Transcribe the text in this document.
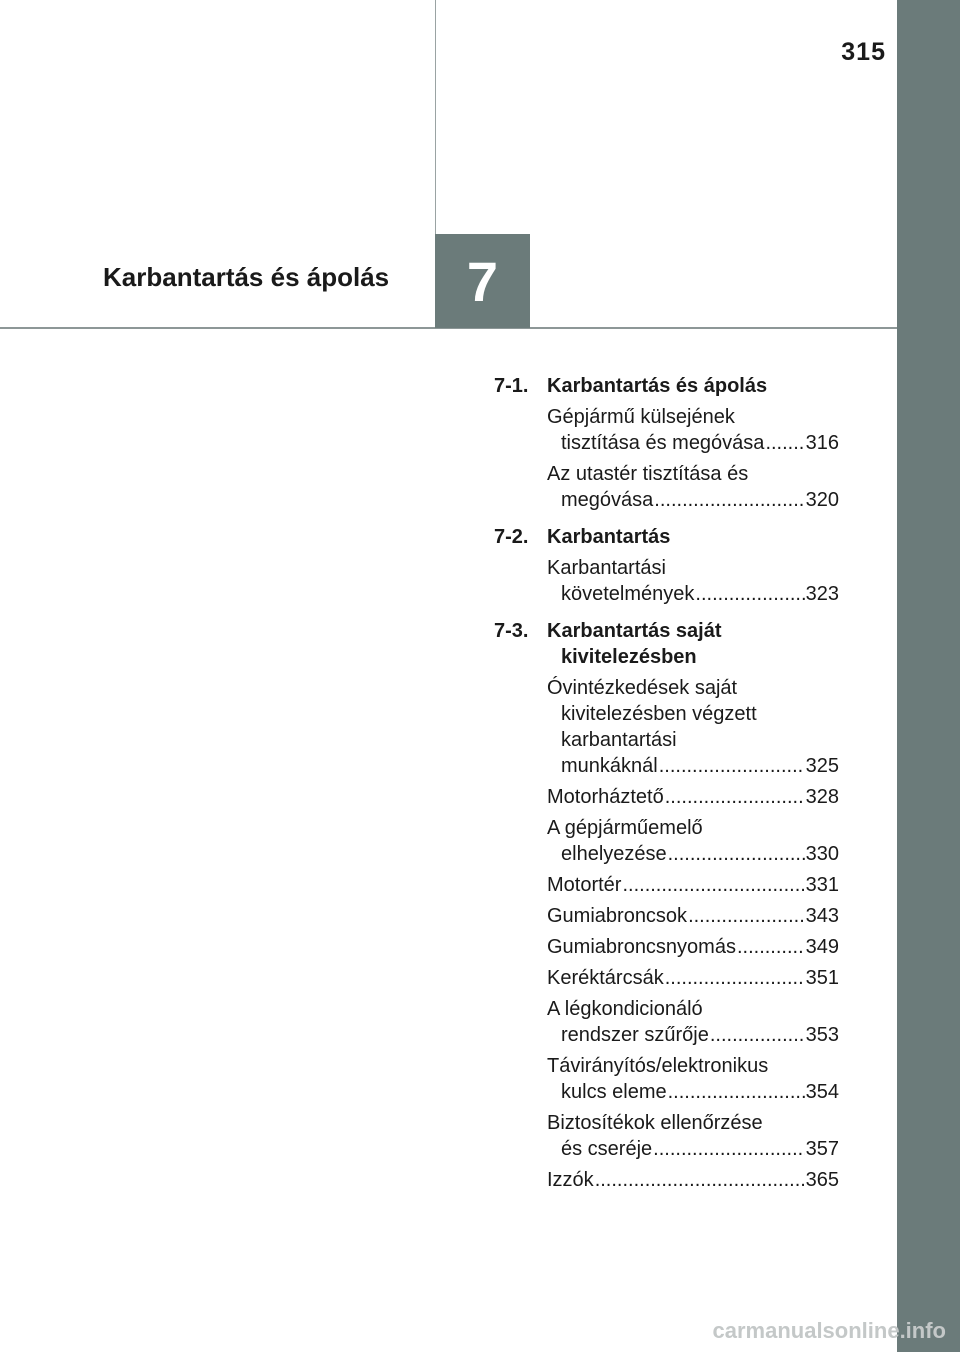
315
Karbantartás és ápolás 7
7-1. Karbantartás és ápolás
Gépjármű külsejének
tisztítása és megóvása ..... 316
Az utastér tisztítása és
megóvása .....	320
7-2. Karbantartás
Karbantartási
követelmények .....	323
7-3. Karbantartás saját
kivitelezésben
Óvintézkedések saját
kivitelezésben végzett
karbantartási
munkáknál .....	325
Motorháztető .....	328
A gépjárműemelő
elhelyezése .....	330
Motortér .....	331
Gumiabroncsok .....	343
Gumiabroncsnyomás .....	349
Keréktárcsák .....	351
A légkondicionáló
rendszer szűrője .....	353
Távirányítós/elektronikus
kulcs eleme .....	354
Biztosítékok ellenőrzése
és cseréje .....	357
Izzók .....	365
carmanualsonline.info
